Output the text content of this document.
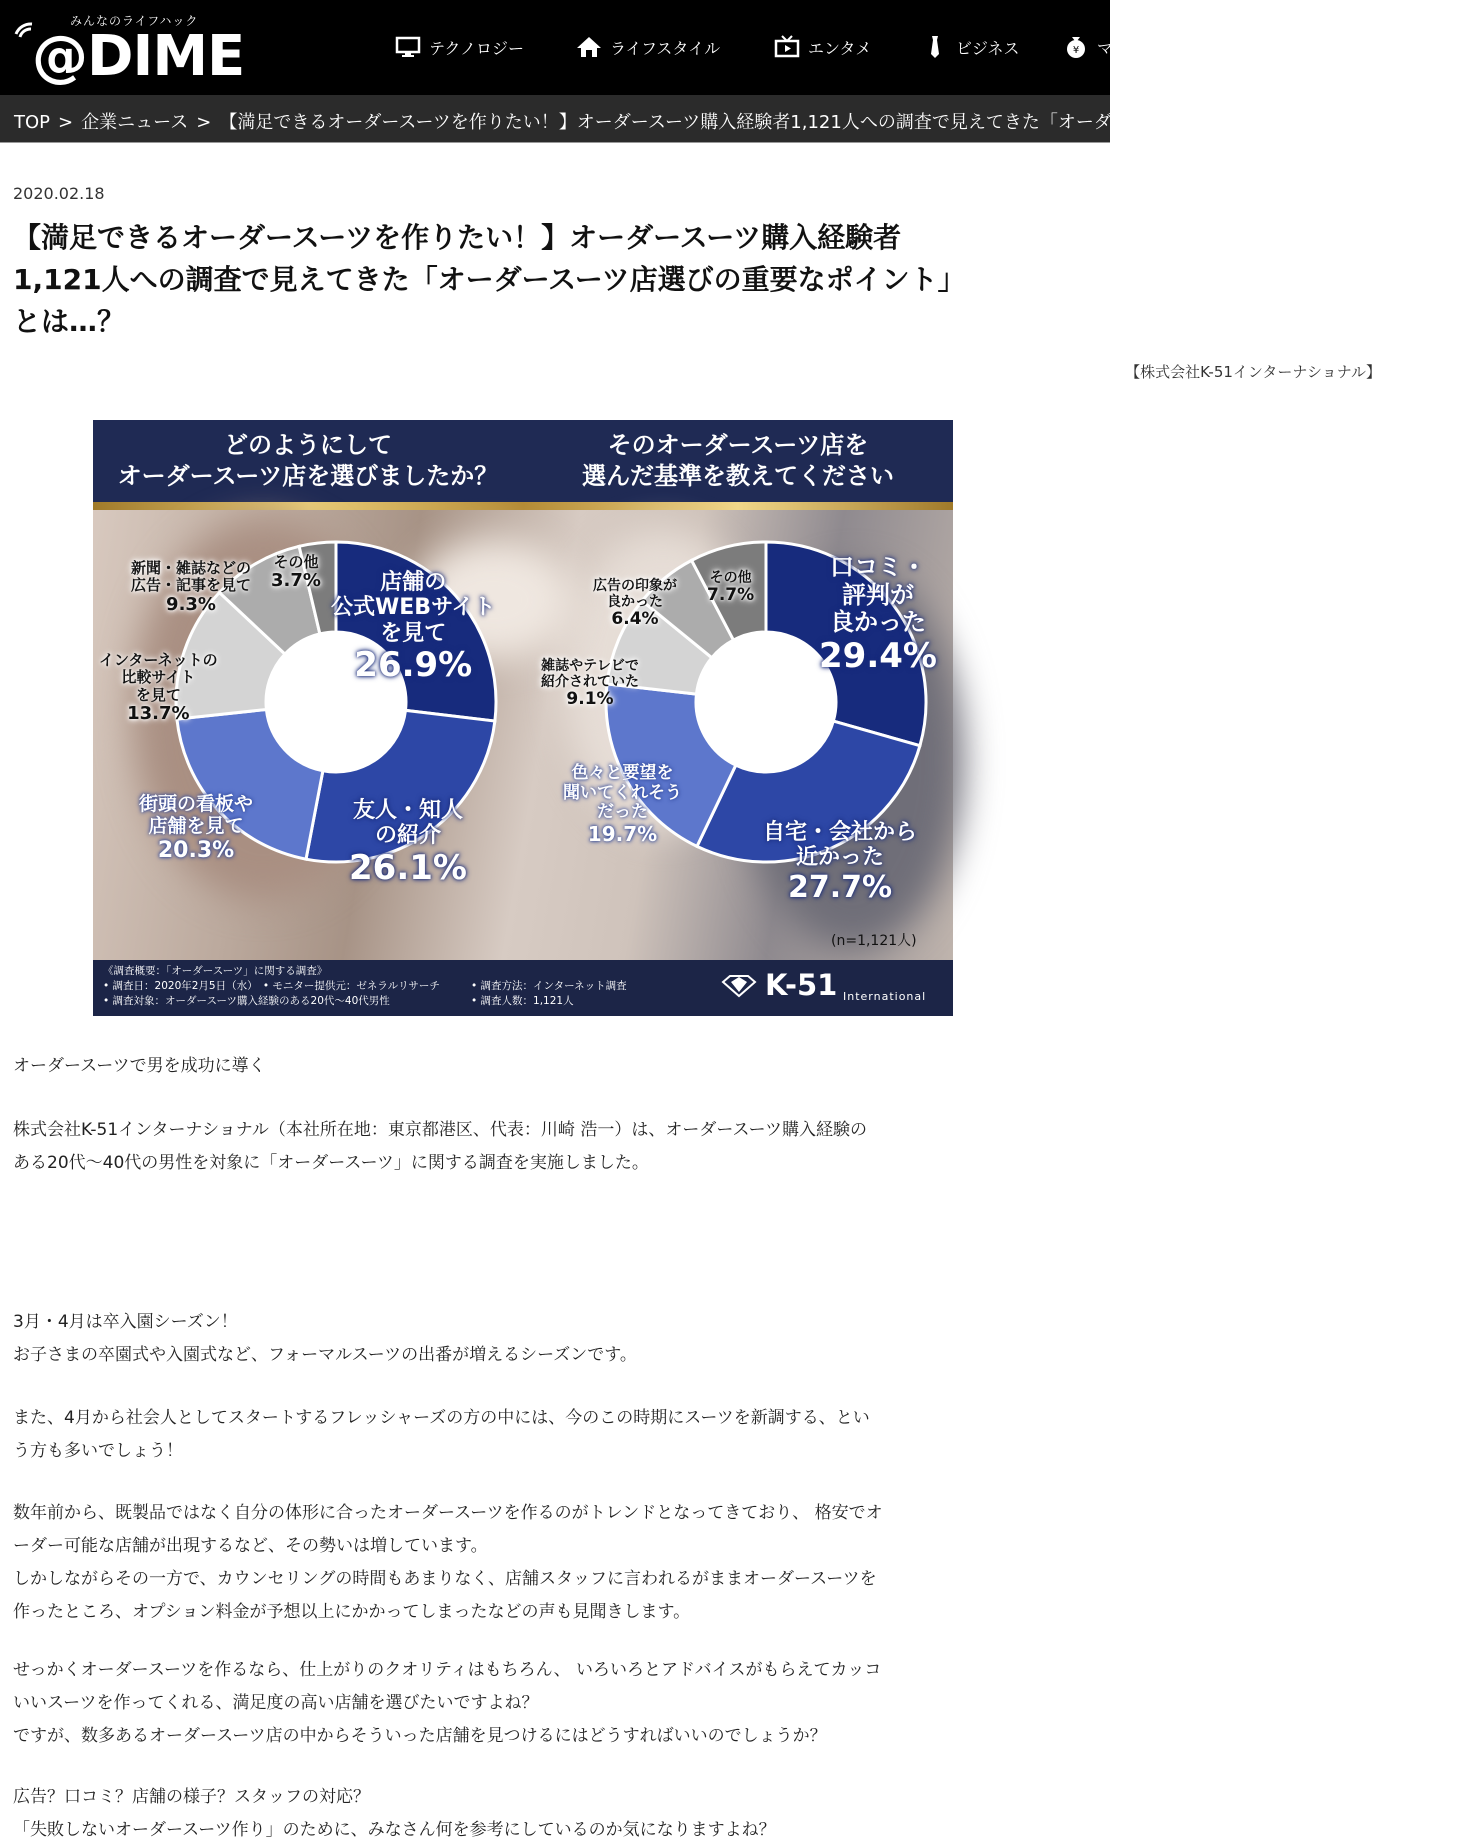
みんなのライフハック
@DIME	テクノロジー	ライフスタイル	エンタメ	ビジネス	¥ マ
TOP > 企業ニュース > 【満足できるオーダースーツを作りたい！】オーダースーツ購入経験者1,121人への調査で見えてきた「オーダースーツ店選びの重要なポイント」とは…？
2020.02.18
【満足できるオーダースーツを作りたい！】オーダースーツ購入経験者
1,121人への調査で見えてきた「オーダースーツ店選びの重要なポイント」
とは…？
【株式会社K-51インターナショナル】
どのようにして
オーダースーツ店を選びましたか？
そのオーダースーツ店を
選んだ基準を教えてください
店舗の
公式WEBサイト
を見て
26.9%
友人・知人
の紹介
26.1%
街頭の看板や
店舗を見て
20.3%
インターネットの
比較サイト
を見て
13.7%
新聞・雑誌などの
広告・記事を見て
9.3%
その他
3.7%	口コミ・
評判が
良かった
29.4%
自宅・会社から
近かった
27.7%
色々と要望を
聞いてくれそう
だった
19.7%
雑誌やテレビで
紹介されていた
9.1%
広告の印象が
良かった
6.4%
その他
7.7%
(n=1,121人)
《調査概要：「オーダースーツ」に関する調査》
• 調査日：2020年2月5日（水）　• モニター提供元：ゼネラルリサーチ
• 調査対象：オーダースーツ購入経験のある20代〜40代男性

• 調査方法：インターネット調査
• 調査人数：1,121人	K-51 International
オーダースーツで男を成功に導く
株式会社K-51インターナショナル（本社所在地：東京都港区、代表：川崎 浩一）は、オーダースーツ購入経験の
ある20代〜40代の男性を対象に「オーダースーツ」に関する調査を実施しました。
3月・4月は卒入園シーズン！
お子さまの卒園式や入園式など、フォーマルスーツの出番が増えるシーズンです。
また、4月から社会人としてスタートするフレッシャーズの方の中には、今のこの時期にスーツを新調する、とい
う方も多いでしょう！
数年前から、既製品ではなく自分の体形に合ったオーダースーツを作るのがトレンドとなってきており、 格安でオ
ーダー可能な店舗が出現するなど、その勢いは増しています。
しかしながらその一方で、カウンセリングの時間もあまりなく、店舗スタッフに言われるがままオーダースーツを
作ったところ、オプション料金が予想以上にかかってしまったなどの声も見聞きします。
せっかくオーダースーツを作るなら、仕上がりのクオリティはもちろん、 いろいろとアドバイスがもらえてカッコ
いいスーツを作ってくれる、満足度の高い店舗を選びたいですよね？
ですが、数多あるオーダースーツ店の中からそういった店舗を見つけるにはどうすればいいのでしょうか？
広告？口コミ？店舗の様子？スタッフの対応？
「失敗しないオーダースーツ作り」のために、みなさん何を参考にしているのか気になりますよね？
